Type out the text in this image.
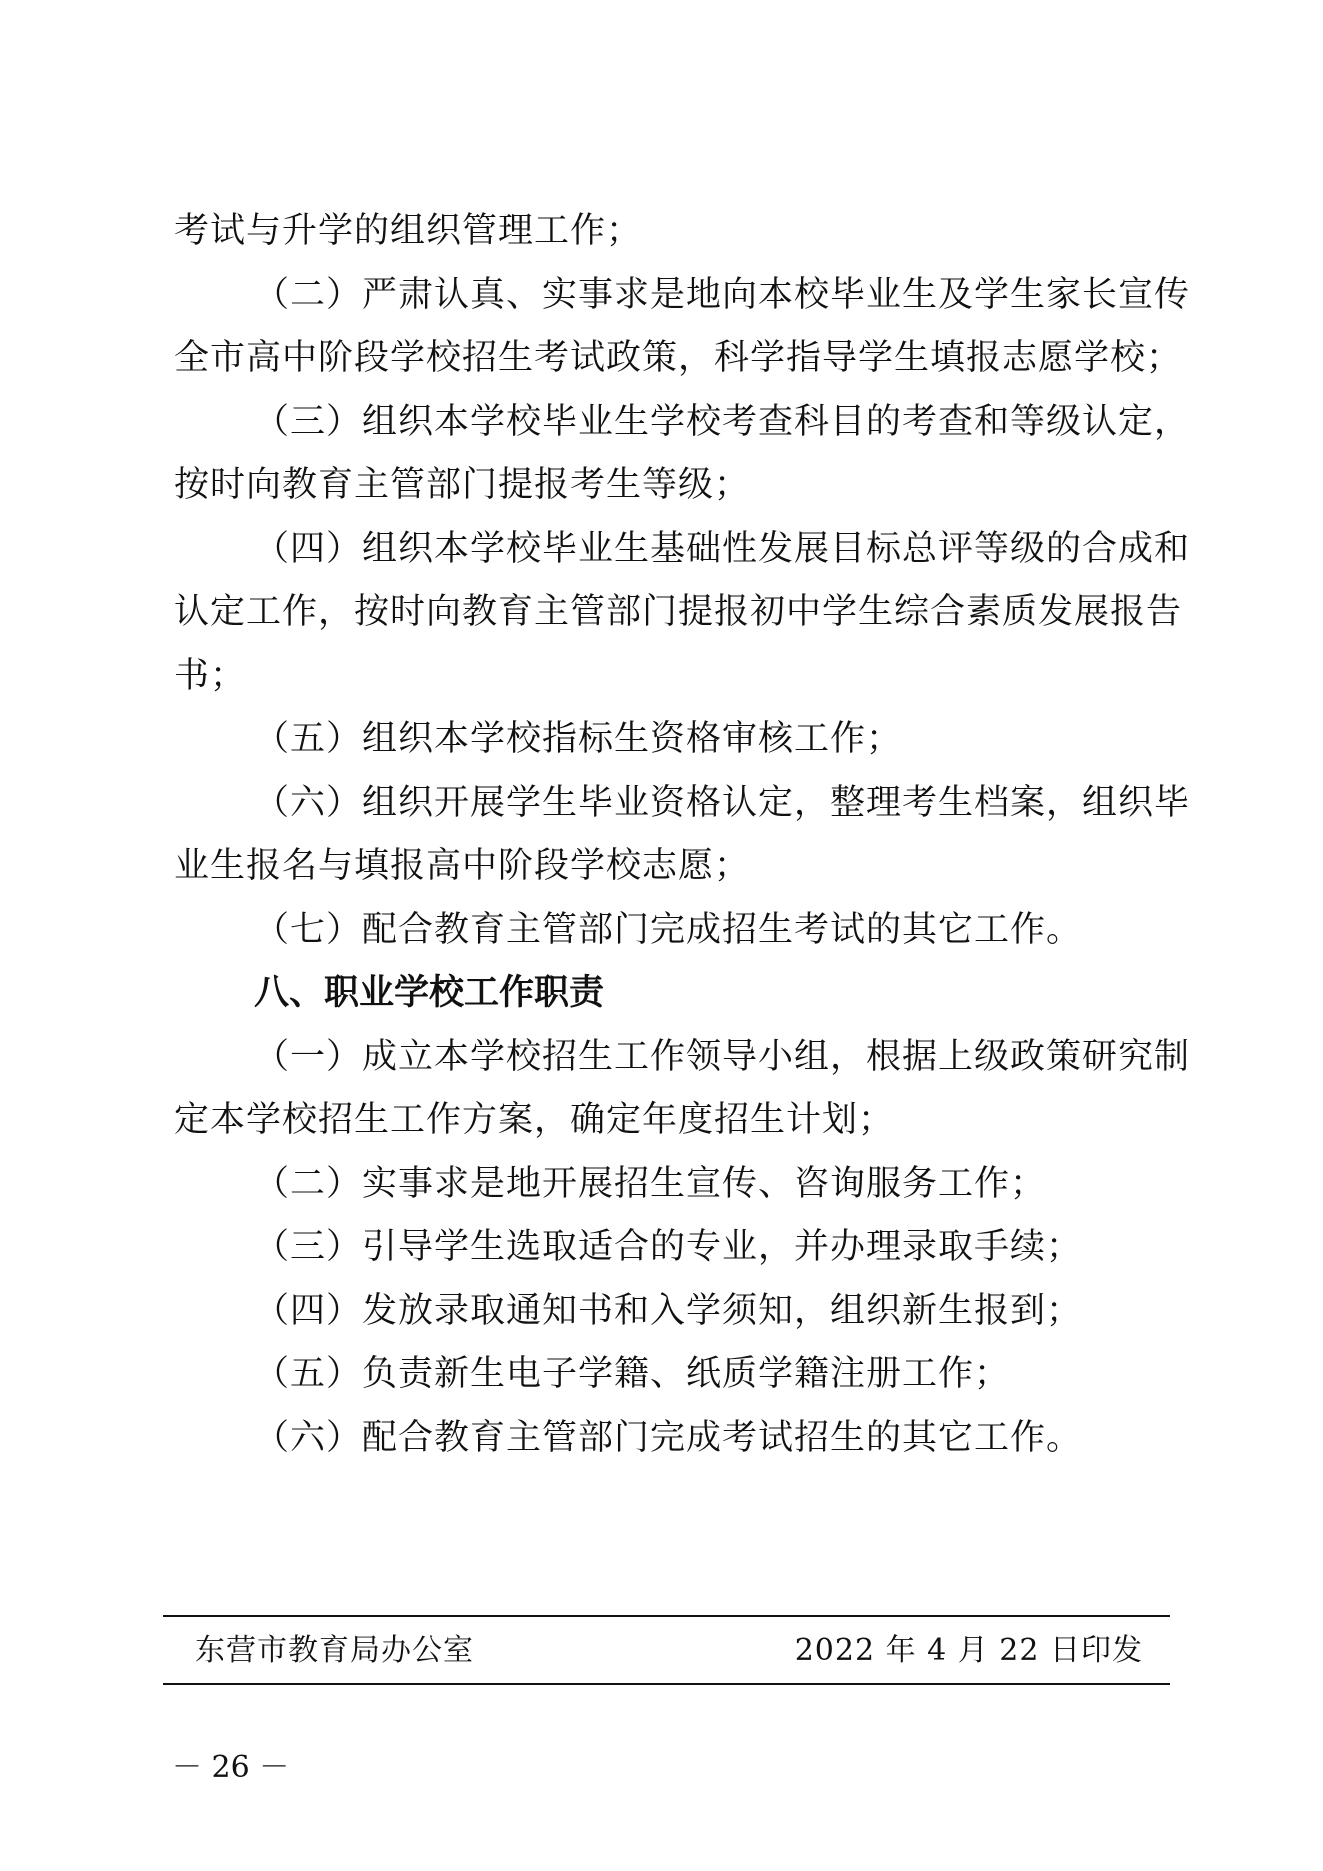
考试与升学的组织管理工作；
（二）严肃认真、实事求是地向本校毕业生及学生家长宣传
全市高中阶段学校招生考试政策，科学指导学生填报志愿学校；
（三）组织本学校毕业生学校考查科目的考查和等级认定，
按时向教育主管部门提报考生等级；
（四）组织本学校毕业生基础性发展目标总评等级的合成和
认定工作，按时向教育主管部门提报初中学生综合素质发展报告
书；
（五）组织本学校指标生资格审核工作；
（六）组织开展学生毕业资格认定，整理考生档案，组织毕
业生报名与填报高中阶段学校志愿；
（七）配合教育主管部门完成招生考试的其它工作。
八、职业学校工作职责
（一）成立本学校招生工作领导小组，根据上级政策研究制
定本学校招生工作方案，确定年度招生计划；
（二）实事求是地开展招生宣传、咨询服务工作；
（三）引导学生选取适合的专业，并办理录取手续；
（四）发放录取通知书和入学须知，组织新生报到；
（五）负责新生电子学籍、纸质学籍注册工作；
（六）配合教育主管部门完成考试招生的其它工作。
东营市教育局办公室	2022 年 4 月 22 日印发
－ 26 －
